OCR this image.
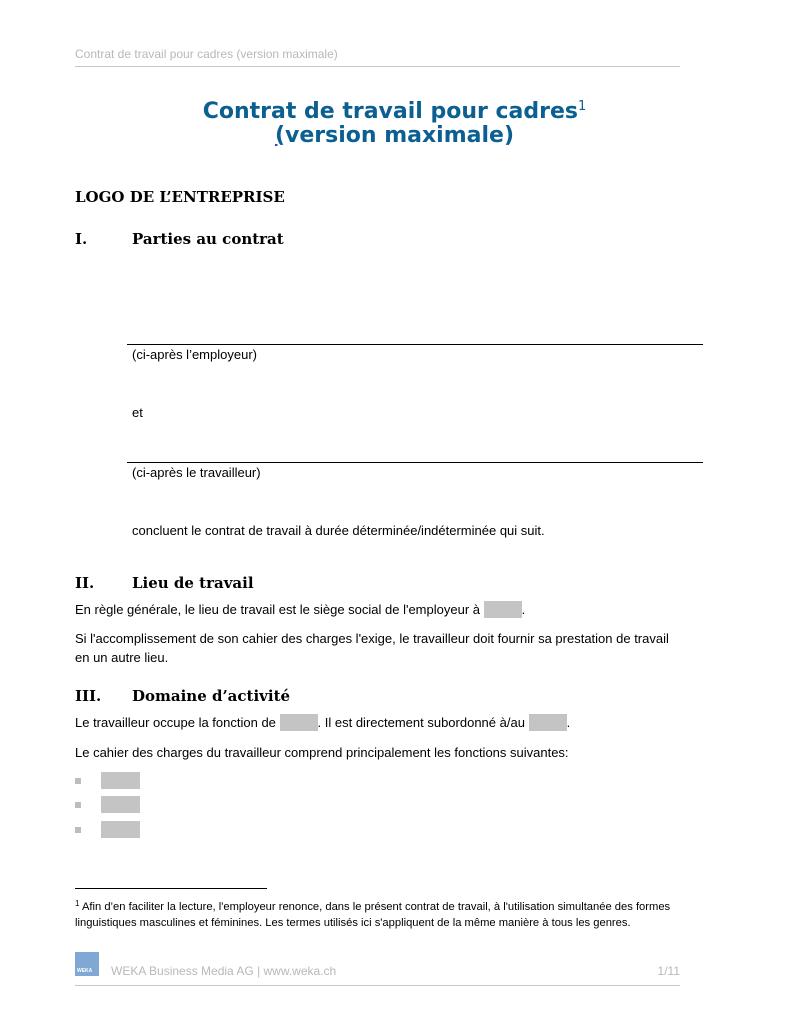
Contrat de travail pour cadres (version maximale)
Contrat de travail pour cadres$^1$
(version maximale)
LOGO DE L’ENTREPRISE
I.	Parties au contrat
(ci-après l’employeur)
et
(ci-après le travailleur)
concluent le contrat de travail à durée déterminée/indéterminée qui suit.
II.	Lieu de travail
En règle générale, le lieu de travail est le siège social de l'employeur à	.
Si l'accomplissement de son cahier des charges l'exige, le travailleur doit fournir sa prestation de travail
en un autre lieu.
III. Domaine d’activité
Le travailleur occupe la fonction de	. Il est directement subordonné à/au	.
Le cahier des charges du travailleur comprend principalement les fonctions suivantes:
$^1$ Afin d’en faciliter la lecture, l'employeur renonce, dans le présent contrat de travail, à l'utilisation simultanée des formes linguistiques masculines et féminines. Les termes utilisés ici s'appliquent de la même manière à tous les genres.
WEKA WEKA Business Media AG | www.weka.ch	1/11
